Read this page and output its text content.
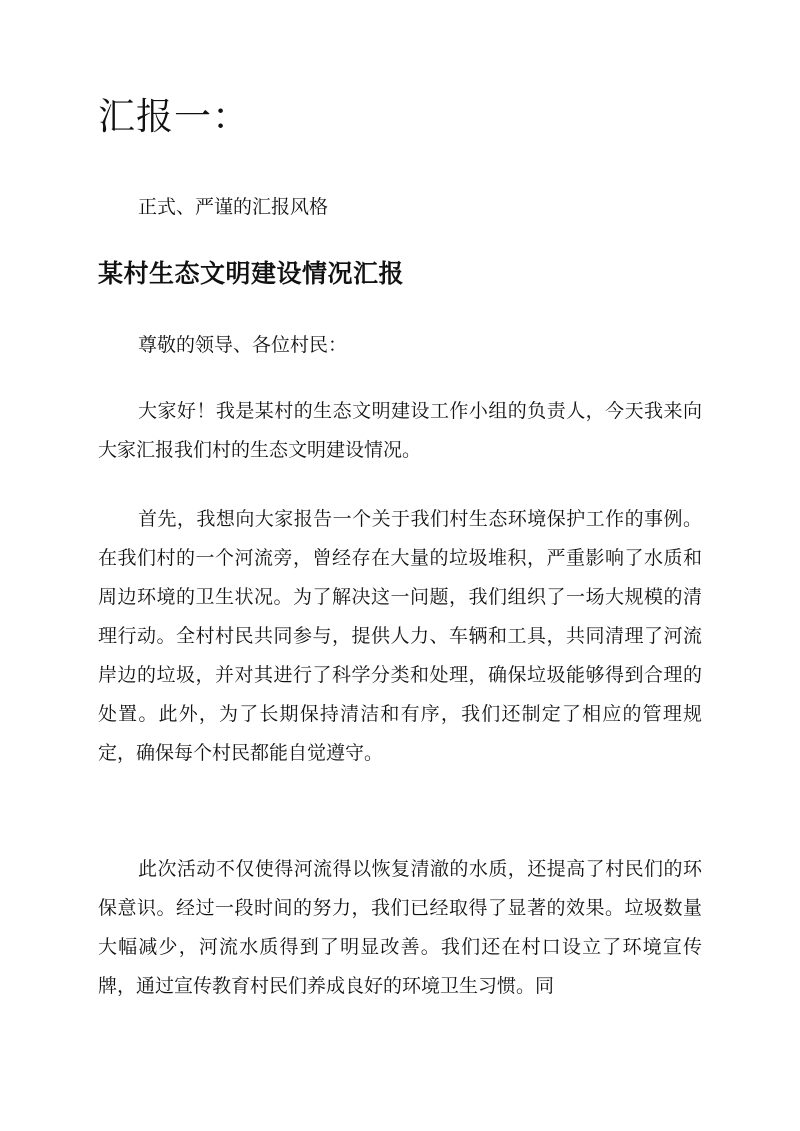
汇报一：

正式、严谨的汇报风格

某村生态文明建设情况汇报

尊敬的领导、各位村民：

大家好！我是某村的生态文明建设工作小组的负责人，今天我来向大家汇报我们村的生态文明建设情况。

首先，我想向大家报告一个关于我们村生态环境保护工作的事例。在我们村的一个河流旁，曾经存在大量的垃圾堆积，严重影响了水质和周边环境的卫生状况。为了解决这一问题，我们组织了一场大规模的清理行动。全村村民共同参与，提供人力、车辆和工具，共同清理了河流岸边的垃圾，并对其进行了科学分类和处理，确保垃圾能够得到合理的处置。此外，为了长期保持清洁和有序，我们还制定了相应的管理规定，确保每个村民都能自觉遵守。

此次活动不仅使得河流得以恢复清澈的水质，还提高了村民们的环保意识。经过一段时间的努力，我们已经取得了显著的效果。垃圾数量大幅减少，河流水质得到了明显改善。我们还在村口设立了环境宣传牌，通过宣传教育村民们养成良好的环境卫生习惯。同
